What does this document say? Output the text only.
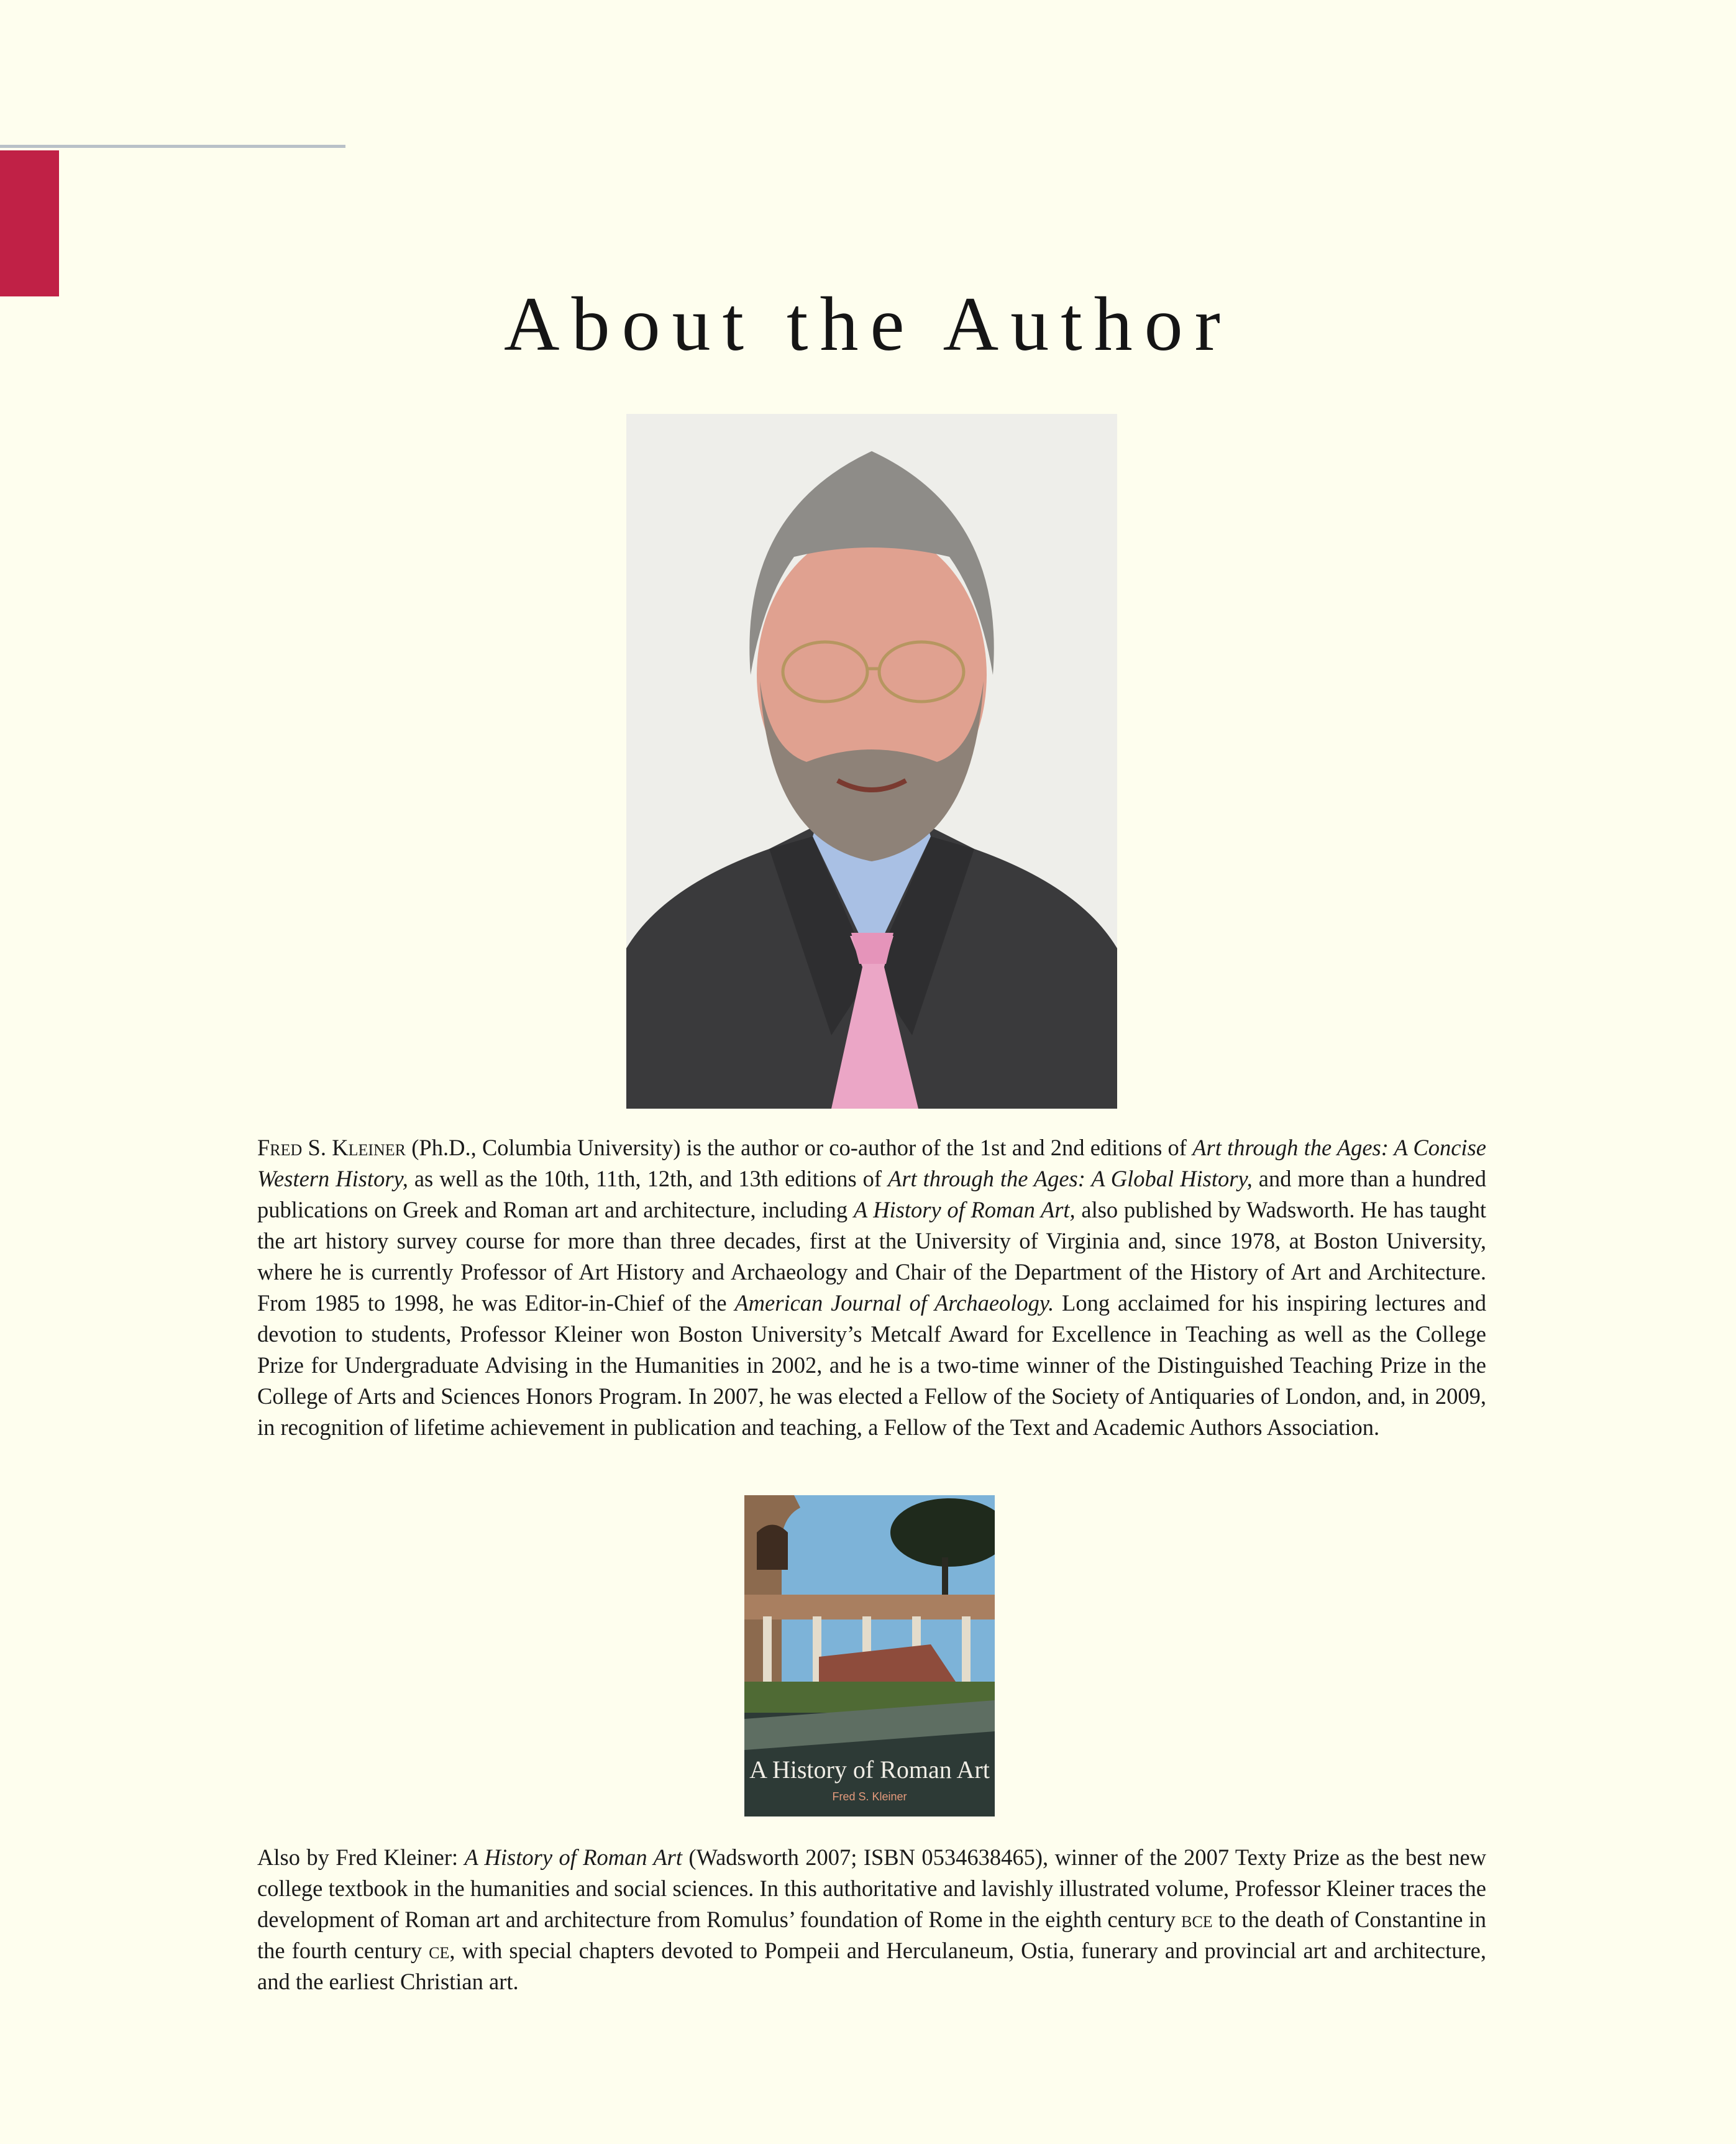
About the Author

Fred S. Kleiner (Ph.D., Columbia University) is the author or co-author of the 1st and 2nd editions of Art through the Ages: A Concise Western History, as well as the 10th, 11th, 12th, and 13th editions of Art through the Ages: A Global History, and more than a hundred publications on Greek and Roman art and architecture, including A History of Roman Art, also published by Wadsworth. He has taught the art history survey course for more than three decades, first at the University of Virginia and, since 1978, at Boston University, where he is currently Professor of Art History and Archaeology and Chair of the Department of the History of Art and Architecture. From 1985 to 1998, he was Editor-in-Chief of the American Journal of Archaeology. Long acclaimed for his inspiring lectures and devotion to students, Professor Kleiner won Boston University’s Metcalf Award for Excellence in Teaching as well as the College Prize for Undergraduate Advising in the Humanities in 2002, and he is a two-time winner of the Distinguished Teaching Prize in the College of Arts and Sciences Honors Program. In 2007, he was elected a Fellow of the Society of Antiquaries of London, and, in 2009, in recognition of lifetime achievement in publication and teaching, a Fellow of the Text and Academic Authors Association.

A History of Roman Art
Fred S. Kleiner

Also by Fred Kleiner: A History of Roman Art (Wadsworth 2007; ISBN 0534638465), winner of the 2007 Texty Prize as the best new college textbook in the humanities and social sciences. In this authoritative and lavishly illustrated volume, Professor Kleiner traces the development of Roman art and architecture from Romulus’ foundation of Rome in the eighth century bce to the death of Constantine in the fourth century ce, with special chapters devoted to Pompeii and Herculaneum, Ostia, funerary and provincial art and architecture, and the earliest Christian art.
